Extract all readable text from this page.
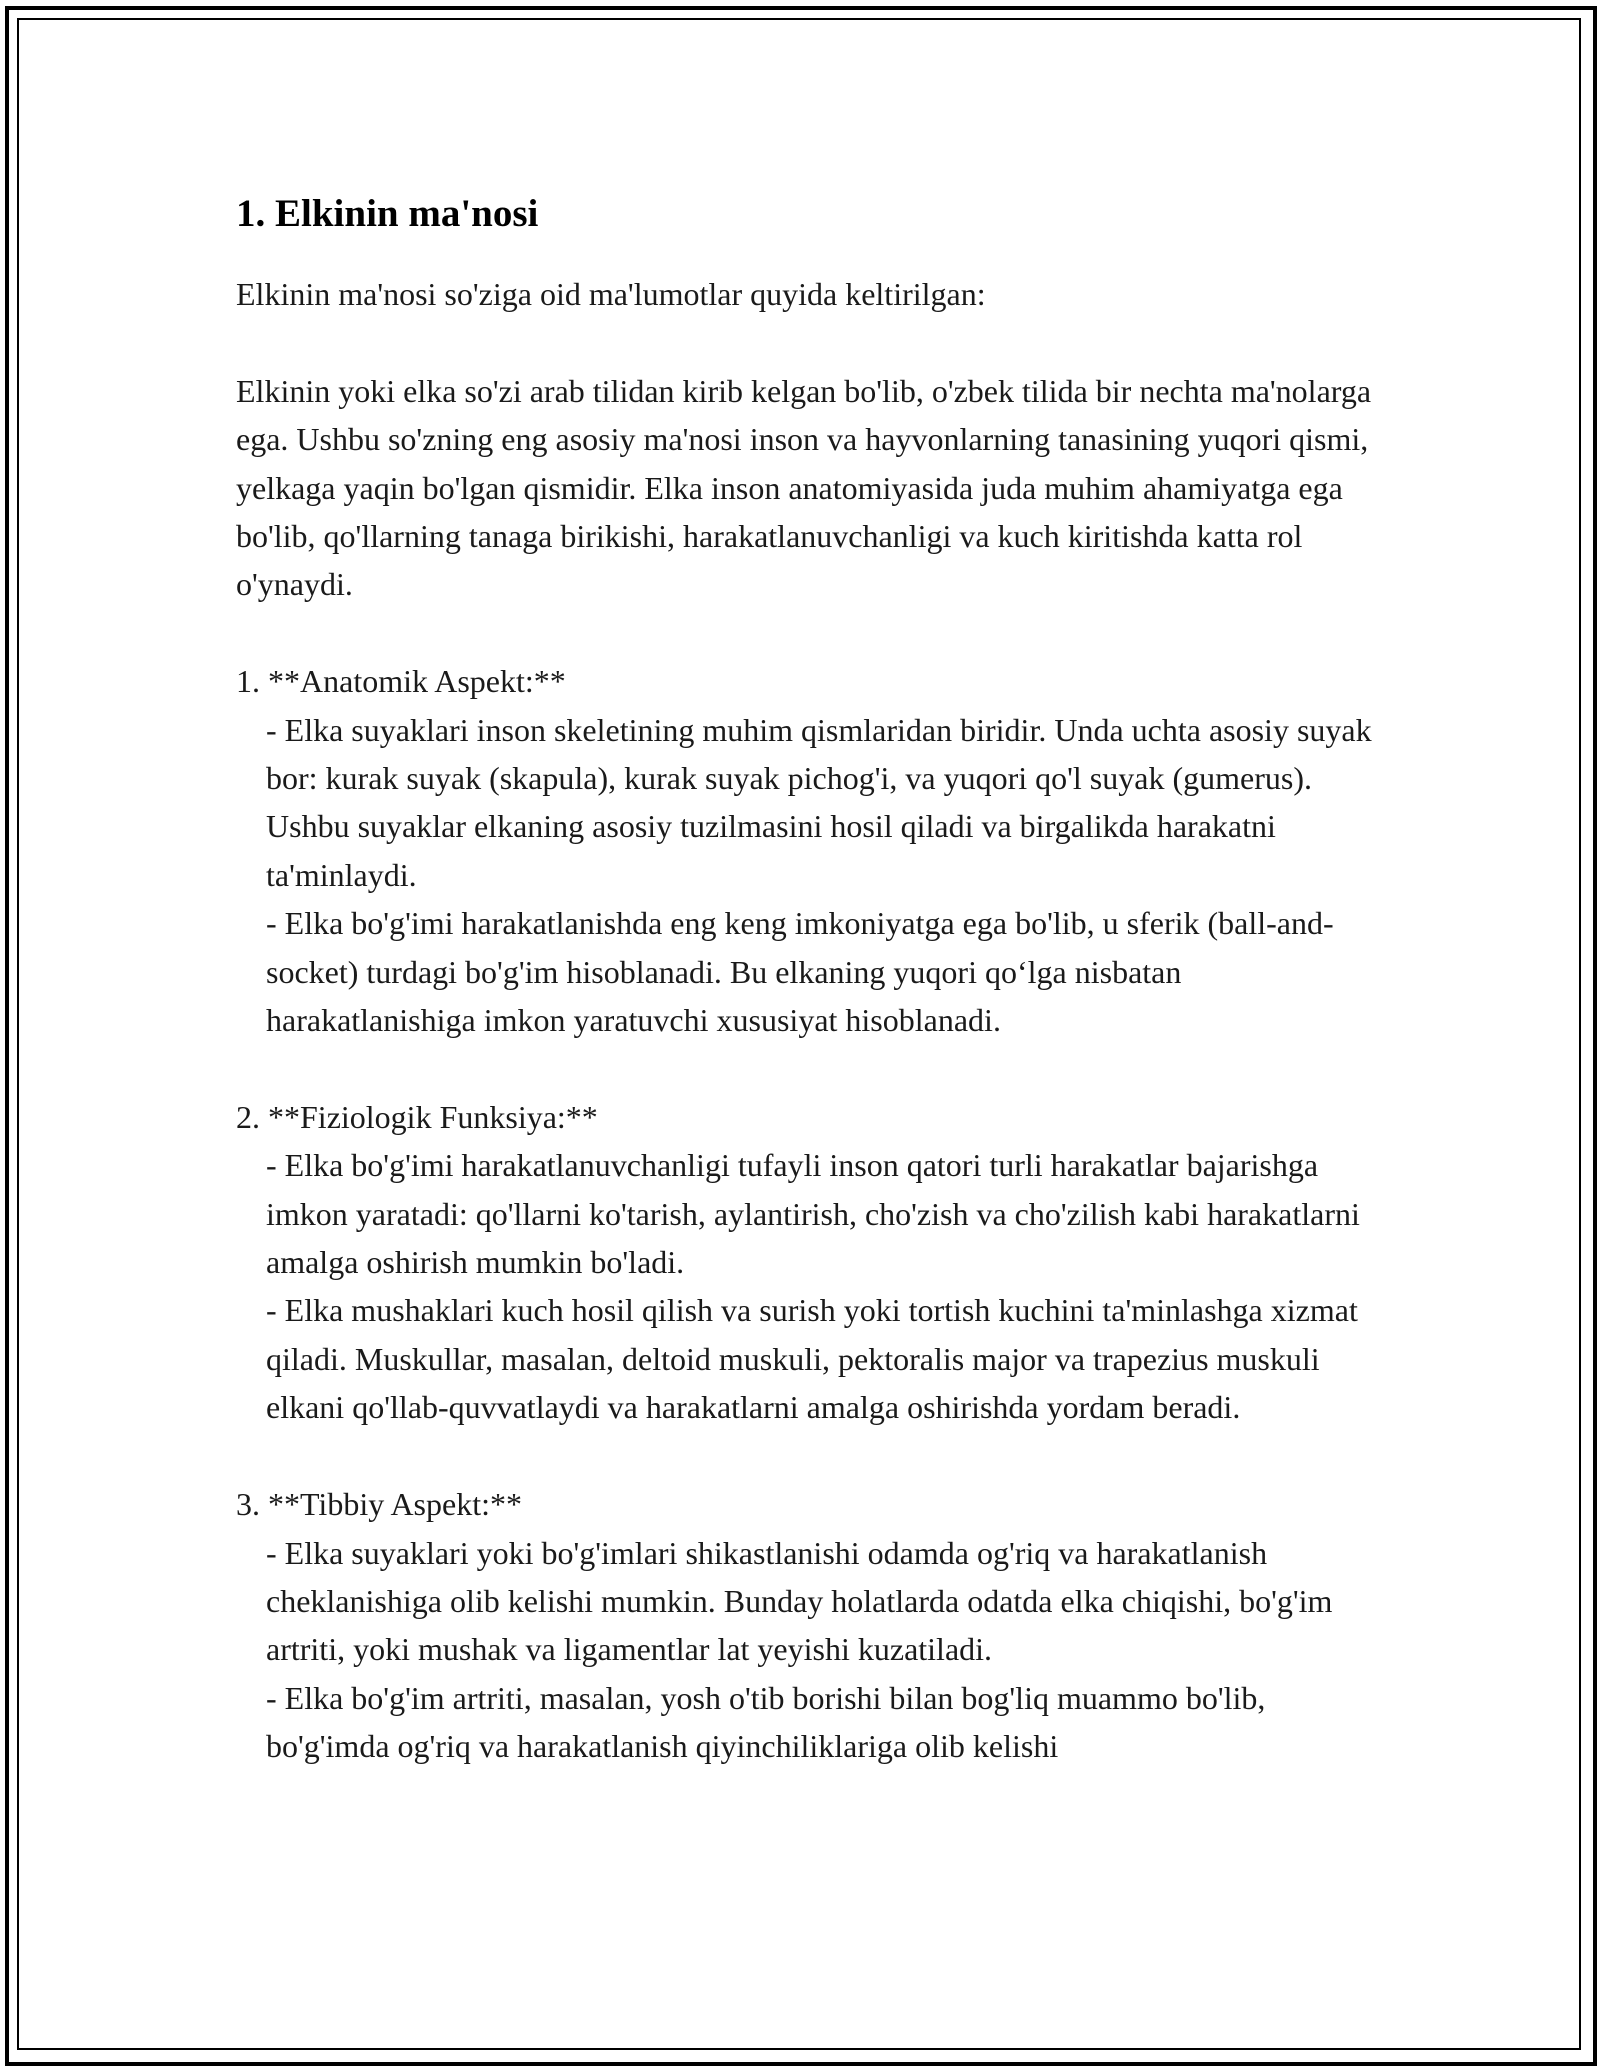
1. Elkinin ma'nosi

Elkinin ma'nosi so'ziga oid ma'lumotlar quyida keltirilgan:

Elkinin yoki elka so'zi arab tilidan kirib kelgan bo'lib, o'zbek tilida bir nechta ma'nolarga ega. Ushbu so'zning eng asosiy ma'nosi inson va hayvonlarning tanasining yuqori qismi, yelkaga yaqin bo'lgan qismidir. Elka inson anatomiyasida juda muhim ahamiyatga ega bo'lib, qo'llarning tanaga birikishi, harakatlanuvchanligi va kuch kiritishda katta rol o'ynaydi.

1. **Anatomik Aspekt:**

- Elka suyaklari inson skeletining muhim qismlaridan biridir. Unda uchta asosiy suyak bor: kurak suyak (skapula), kurak suyak pichog'i, va yuqori qo'l suyak (gumerus). Ushbu suyaklar elkaning asosiy tuzilmasini hosil qiladi va birgalikda harakatni ta'minlaydi.

- Elka bo'g'imi harakatlanishda eng keng imkoniyatga ega bo'lib, u sferik (ball-and-socket) turdagi bo'g'im hisoblanadi. Bu elkaning yuqori qo‘lga nisbatan harakatlanishiga imkon yaratuvchi xususiyat hisoblanadi.

2. **Fiziologik Funksiya:**

- Elka bo'g'imi harakatlanuvchanligi tufayli inson qatori turli harakatlar bajarishga imkon yaratadi: qo'llarni ko'tarish, aylantirish, cho'zish va cho'zilish kabi harakatlarni amalga oshirish mumkin bo'ladi.

- Elka mushaklari kuch hosil qilish va surish yoki tortish kuchini ta'minlashga xizmat qiladi. Muskullar, masalan, deltoid muskuli, pektoralis major va trapezius muskuli elkani qo'llab-quvvatlaydi va harakatlarni amalga oshirishda yordam beradi.

3. **Tibbiy Aspekt:**

- Elka suyaklari yoki bo'g'imlari shikastlanishi odamda og'riq va harakatlanish cheklanishiga olib kelishi mumkin. Bunday holatlarda odatda elka chiqishi, bo'g'im artriti, yoki mushak va ligamentlar lat yeyishi kuzatiladi.

- Elka bo'g'im artriti, masalan, yosh o'tib borishi bilan bog'liq muammo bo'lib, bo'g'imda og'riq va harakatlanish qiyinchiliklariga olib kelishi
